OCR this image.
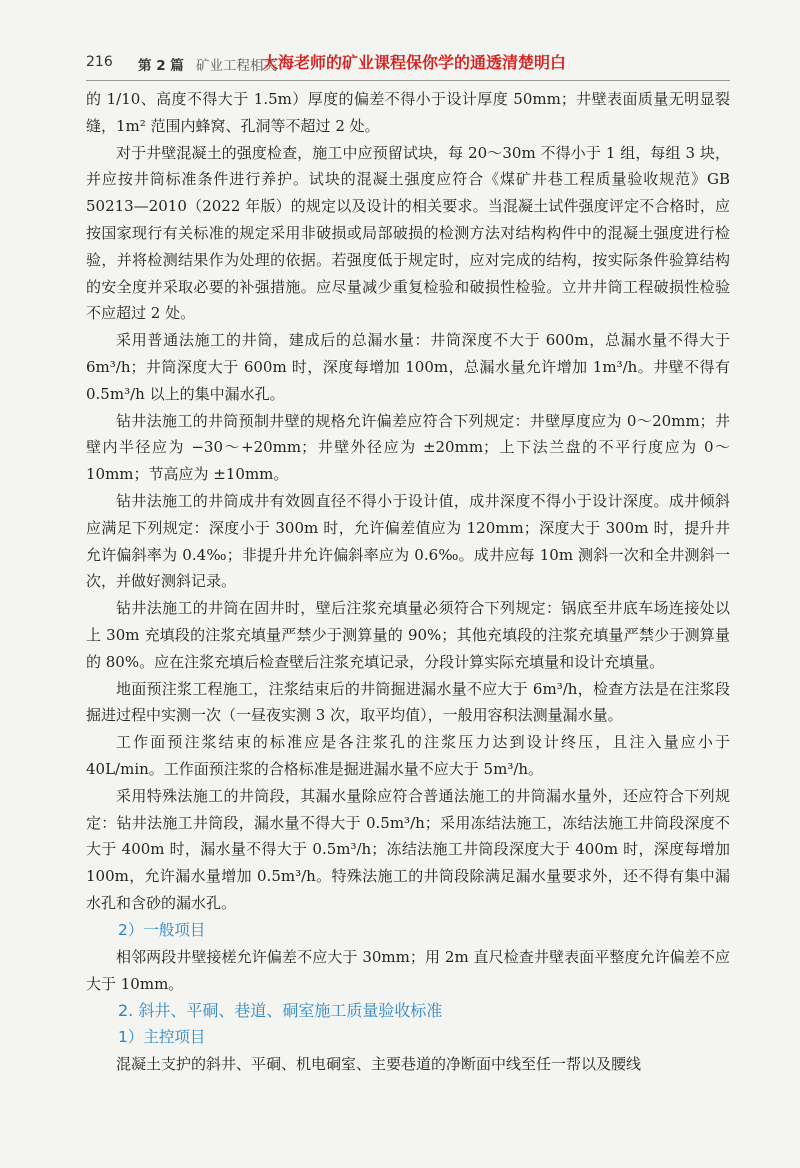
216 第 2 篇 矿业工程相关
大海老师的矿业课程保你学的通透清楚明白

的 1/10、高度不得大于 1.5m）厚度的偏差不得小于设计厚度 50mm；井壁表面质量无明显裂缝，1m² 范围内蜂窝、孔洞等不超过 2 处。

对于井壁混凝土的强度检查，施工中应预留试块，每 20～30m 不得小于 1 组，每组 3 块，并应按井筒标准条件进行养护。试块的混凝土强度应符合《煤矿井巷工程质量验收规范》GB 50213—2010（2022 年版）的规定以及设计的相关要求。当混凝土试件强度评定不合格时，应按国家现行有关标准的规定采用非破损或局部破损的检测方法对结构构件中的混凝土强度进行检验，并将检测结果作为处理的依据。若强度低于规定时，应对完成的结构，按实际条件验算结构的安全度并采取必要的补强措施。应尽量减少重复检验和破损性检验。立井井筒工程破损性检验不应超过 2 处。

采用普通法施工的井筒，建成后的总漏水量：井筒深度不大于 600m，总漏水量不得大于 6m³/h；井筒深度大于 600m 时，深度每增加 100m，总漏水量允许增加 1m³/h。井壁不得有 0.5m³/h 以上的集中漏水孔。

钻井法施工的井筒预制井壁的规格允许偏差应符合下列规定：井壁厚度应为 0～20mm；井壁内半径应为 −30～+20mm；井壁外径应为 ±20mm；上下法兰盘的不平行度应为 0～10mm；节高应为 ±10mm。

钻井法施工的井筒成井有效圆直径不得小于设计值，成井深度不得小于设计深度。成井倾斜应满足下列规定：深度小于 300m 时，允许偏差值应为 120mm；深度大于 300m 时，提升井允许偏斜率为 0.4‰；非提升井允许偏斜率应为 0.6‰。成井应每 10m 测斜一次和全井测斜一次，并做好测斜记录。

钻井法施工的井筒在固井时，壁后注浆充填量必须符合下列规定：锅底至井底车场连接处以上 30m 充填段的注浆充填量严禁少于测算量的 90%；其他充填段的注浆充填量严禁少于测算量的 80%。应在注浆充填后检查壁后注浆充填记录，分段计算实际充填量和设计充填量。

地面预注浆工程施工，注浆结束后的井筒掘进漏水量不应大于 6m³/h，检查方法是在注浆段掘进过程中实测一次（一昼夜实测 3 次，取平均值），一般用容积法测量漏水量。

工作面预注浆结束的标准应是各注浆孔的注浆压力达到设计终压，且注入量应小于 40L/min。工作面预注浆的合格标准是掘进漏水量不应大于 5m³/h。

采用特殊法施工的井筒段，其漏水量除应符合普通法施工的井筒漏水量外，还应符合下列规定：钻井法施工井筒段，漏水量不得大于 0.5m³/h；采用冻结法施工，冻结法施工井筒段深度不大于 400m 时，漏水量不得大于 0.5m³/h；冻结法施工井筒段深度大于 400m 时，深度每增加 100m，允许漏水量增加 0.5m³/h。特殊法施工的井筒段除满足漏水量要求外，还不得有集中漏水孔和含砂的漏水孔。

2）一般项目

相邻两段井壁接槎允许偏差不应大于 30mm；用 2m 直尺检查井壁表面平整度允许偏差不应大于 10mm。

2. 斜井、平硐、巷道、硐室施工质量验收标准
1）主控项目

混凝土支护的斜井、平硐、机电硐室、主要巷道的净断面中线至任一帮以及腰线
